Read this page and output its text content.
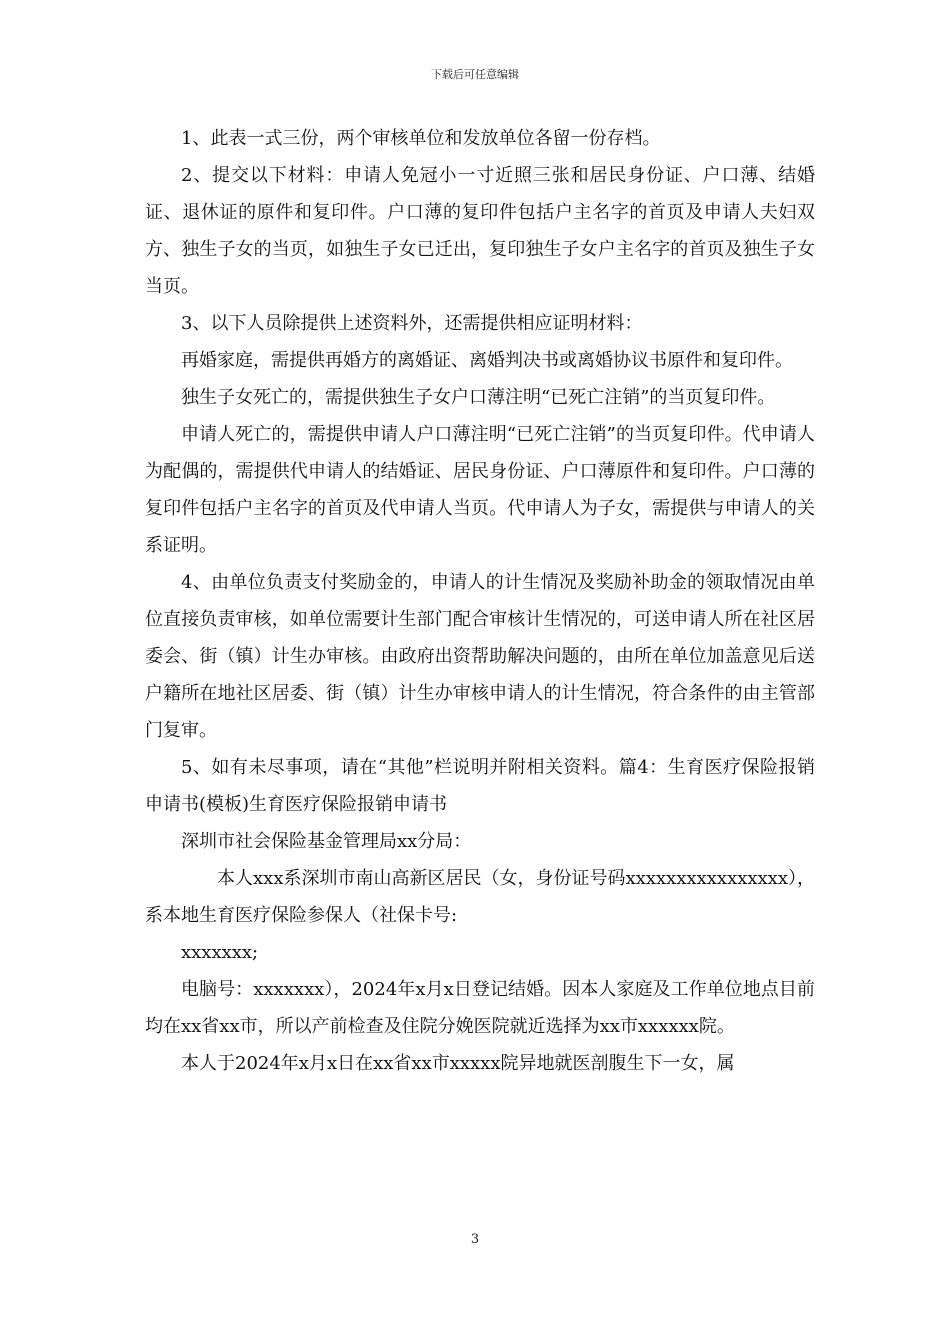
下载后可任意编辑

1、此表一式三份，两个审核单位和发放单位各留一份存档。

2、提交以下材料：申请人免冠小一寸近照三张和居民身份证、户口薄、结婚证、退休证的原件和复印件。户口薄的复印件包括户主名字的首页及申请人夫妇双方、独生子女的当页，如独生子女已迁出，复印独生子女户主名字的首页及独生子女当页。

3、以下人员除提供上述资料外，还需提供相应证明材料：

再婚家庭，需提供再婚方的离婚证、离婚判决书或离婚协议书原件和复印件。

独生子女死亡的，需提供独生子女户口薄注明“已死亡注销”的当页复印件。

申请人死亡的，需提供申请人户口薄注明“已死亡注销”的当页复印件。代申请人为配偶的，需提供代申请人的结婚证、居民身份证、户口薄原件和复印件。户口薄的复印件包括户主名字的首页及代申请人当页。代申请人为子女，需提供与申请人的关系证明。

4、由单位负责支付奖励金的，申请人的计生情况及奖励补助金的领取情况由单位直接负责审核，如单位需要计生部门配合审核计生情况的，可送申请人所在社区居委会、街（镇）计生办审核。由政府出资帮助解决问题的，由所在单位加盖意见后送户籍所在地社区居委、街（镇）计生办审核申请人的计生情况，符合条件的由主管部门复审。

5、如有未尽事项，请在“其他”栏说明并附相关资料。篇4：生育医疗保险报销申请书(模板)生育医疗保险报销申请书

深圳市社会保险基金管理局xx分局：

本人xxx系深圳市南山高新区居民（女，身份证号码xxxxxxxxxxxxxxxx），系本地生育医疗保险参保人（社保卡号:

xxxxxxx;

电脑号：xxxxxxx），2024年x月x日登记结婚。因本人家庭及工作单位地点目前均在xx省xx市，所以产前检查及住院分娩医院就近选择为xx市xxxxxx院。

本人于2024年x月x日在xx省xx市xxxxx院异地就医剖腹生下一女，属

3
